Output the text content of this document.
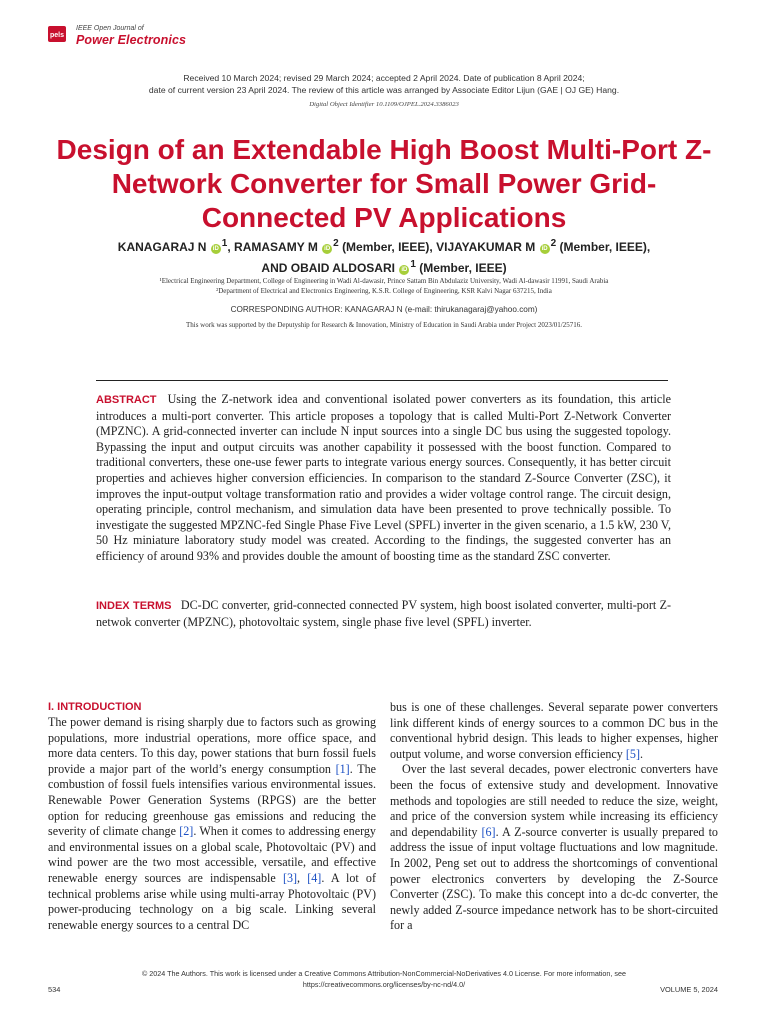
pels
IEEE Open Journal of
Power Electronics
Received 10 March 2024; revised 29 March 2024; accepted 2 April 2024. Date of publication 8 April 2024;
date of current version 23 April 2024. The review of this article was arranged by Associate Editor Lijun (GAE | OJ GE) Hang.
Digital Object Identifier 10.1109/OJPEL.2024.3386023
Design of an Extendable High Boost Multi-Port Z-Network Converter for Small Power Grid-Connected PV Applications
KANAGARAJ N iD $^1$, RAMASAMY M iD $^2$ (Member, IEEE), VIJAYAKUMAR M iD $^2$ (Member, IEEE),
AND OBAID ALDOSARI iD $^1$ (Member, IEEE)
¹Electrical Engineering Department, College of Engineering in Wadi Al-dawasir, Prince Sattam Bin Abdulaziz University, Wadi Al-dawasir 11991, Saudi Arabia
²Department of Electrical and Electronics Engineering, K.S.R. College of Engineering, KSR Kalvi Nagar 637215, India
CORRESPONDING AUTHOR: KANAGARAJ N (e-mail: thirukanagaraj@yahoo.com)
This work was supported by the Deputyship for Research & Innovation, Ministry of Education in Saudi Arabia under Project 2023/01/25716.
ABSTRACT Using the Z-network idea and conventional isolated power converters as its foundation, this article introduces a multi-port converter. This article proposes a topology that is called Multi-Port Z-Network Converter (MPZNC). A grid-connected inverter can include N input sources into a single DC bus using the suggested topology. Bypassing the input and output circuits was another capability it possessed with the boost function. Compared to traditional converters, these one-use fewer parts to integrate various energy sources. Consequently, it has better circuit properties and achieves higher conversion efficiencies. In comparison to the standard Z-Source Converter (ZSC), it improves the input-output voltage transformation ratio and provides a wider voltage control range. The circuit design, operating principle, control mechanism, and simulation data have been presented to prove technically possible. To investigate the suggested MPZNC-fed Single Phase Five Level (SPFL) inverter in the given scenario, a 1.5 kW, 230 V, 50 Hz miniature laboratory study model was created. According to the findings, the suggested converter has an efficiency of around 93% and provides double the amount of boosting time as the standard ZSC converter.
INDEX TERMS DC-DC converter, grid-connected connected PV system, high boost isolated converter, multi-port Z-netwok converter (MPZNC), photovoltaic system, single phase five level (SPFL) inverter.
I. INTRODUCTION
The power demand is rising sharply due to factors such as growing populations, more industrial operations, more office space, and more data centers. To this day, power stations that burn fossil fuels provide a major part of the world’s energy consumption [1]. The combustion of fossil fuels intensifies various environmental issues. Renewable Power Generation Systems (RPGS) are the better option for reducing greenhouse gas emissions and reducing the severity of climate change [2]. When it comes to addressing energy and environmental issues on a global scale, Photovoltaic (PV) and wind power are the two most accessible, versatile, and effective renewable energy sources are indispensable [3], [4]. A lot of technical problems arise while using multi-array Photovoltaic (PV) power-producing technology on a big scale. Linking several renewable energy sources to a central DC
bus is one of these challenges. Several separate power converters link different kinds of energy sources to a common DC bus in the conventional hybrid design. This leads to higher expenses, higher output volume, and worse conversion efficiency [5].
Over the last several decades, power electronic converters have been the focus of extensive study and development. Innovative methods and topologies are still needed to reduce the size, weight, and price of the conversion system while increasing its efficiency and dependability [6]. A Z-source converter is usually prepared to address the issue of input voltage fluctuations and low magnitude. In 2002, Peng set out to address the shortcomings of conventional power electronics converters by developing the Z-Source Converter (ZSC). To make this concept into a dc-dc converter, the newly added Z-source impedance network has to be short-circuited for a
© 2024 The Authors. This work is licensed under a Creative Commons Attribution-NonCommercial-NoDerivatives 4.0 License. For more information, see
https://creativecommons.org/licenses/by-nc-nd/4.0/
534	VOLUME 5, 2024
